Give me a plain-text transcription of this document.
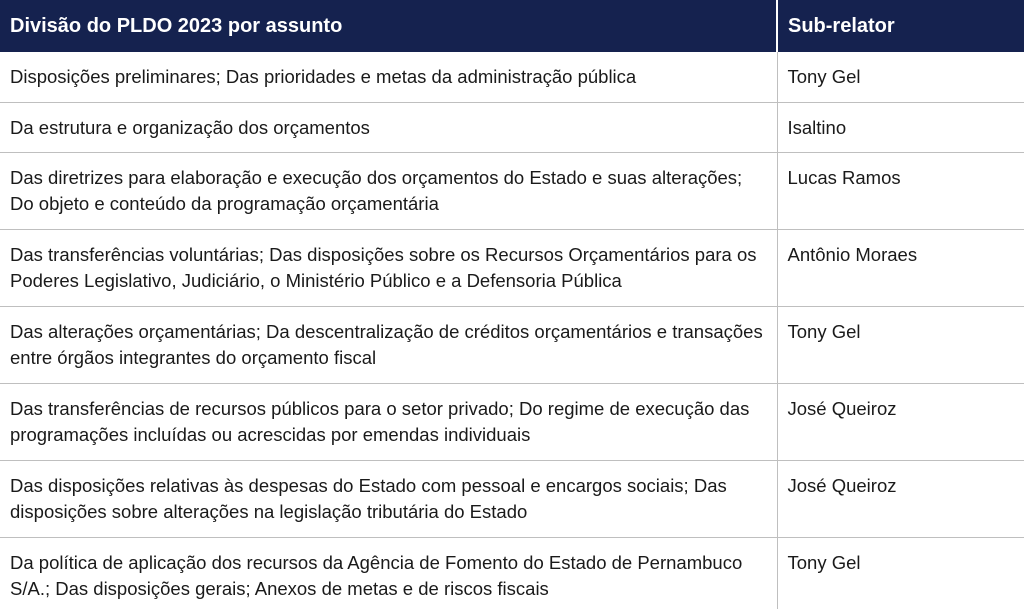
Divisão do PLDO 2023 por assunto	Sub-relator
Disposições preliminares; Das prioridades e metas da administração pública	Tony Gel
Da estrutura e organização dos orçamentos	Isaltino
Das diretrizes para elaboração e execução dos orçamentos do Estado e suas alterações; Do objeto e conteúdo da programação orçamentária	Lucas Ramos
Das transferências voluntárias; Das disposições sobre os Recursos Orçamentários para os Poderes Legislativo, Judiciário, o Ministério Público e a Defensoria Pública	Antônio Moraes
Das alterações orçamentárias; Da descentralização de créditos orçamentários e transações entre órgãos integrantes do orçamento fiscal	Tony Gel
Das transferências de recursos públicos para o setor privado; Do regime de execução das programações incluídas ou acrescidas por emendas individuais	José Queiroz
Das disposições relativas às despesas do Estado com pessoal e encargos sociais; Das disposições sobre alterações na legislação tributária do Estado	José Queiroz
Da política de aplicação dos recursos da Agência de Fomento do Estado de Pernambuco S/A.; Das disposições gerais; Anexos de metas e de riscos fiscais	Tony Gel
